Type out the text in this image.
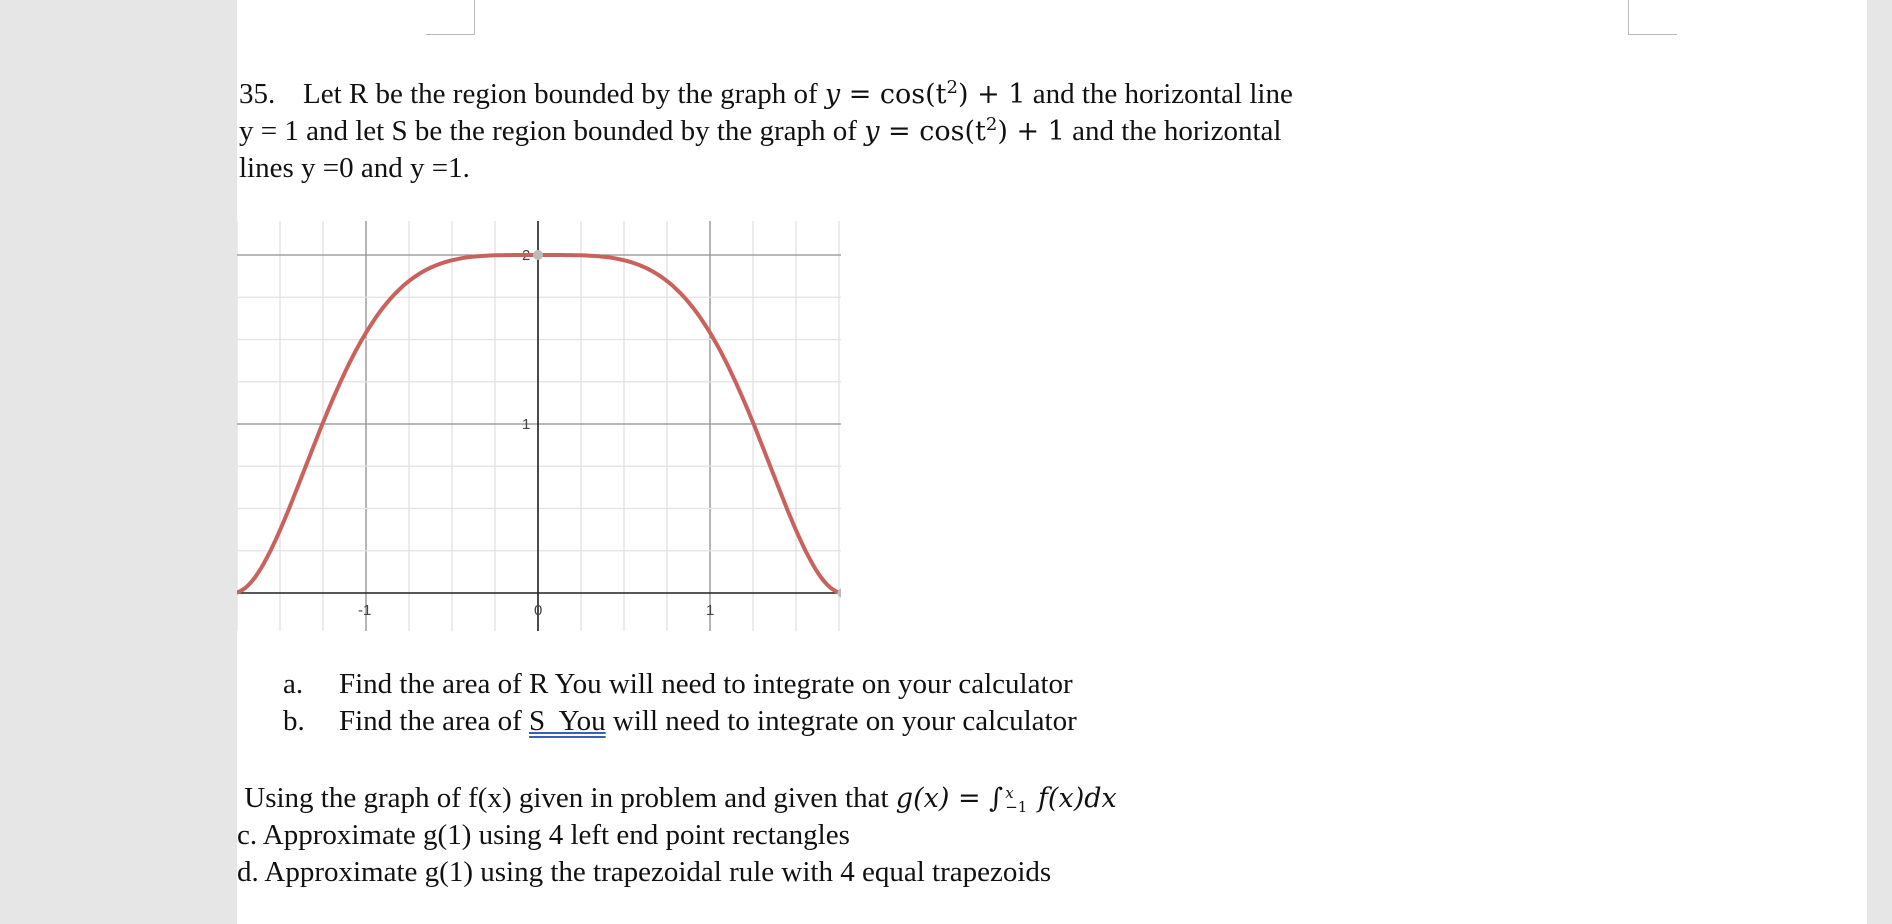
35. Let R be the region bounded by the graph of $y = \cos(t^2) + 1$ and the horizontal line
y = 1 and let S be the region bounded by the graph of $y = \cos(t^2) + 1$ and the horizontal
lines y =0 and y =1.
-1	0	1
1
2
a. Find the area of R You will need to integrate on your calculator
b. Find the area of S  You will need to integrate on your calculator
Using the graph of f(x) given in problem and given that g(x) = ∫ x
−1 f(x)dx
c. Approximate g(1) using 4 left end point rectangles
d. Approximate g(1) using the trapezoidal rule with 4 equal trapezoids
